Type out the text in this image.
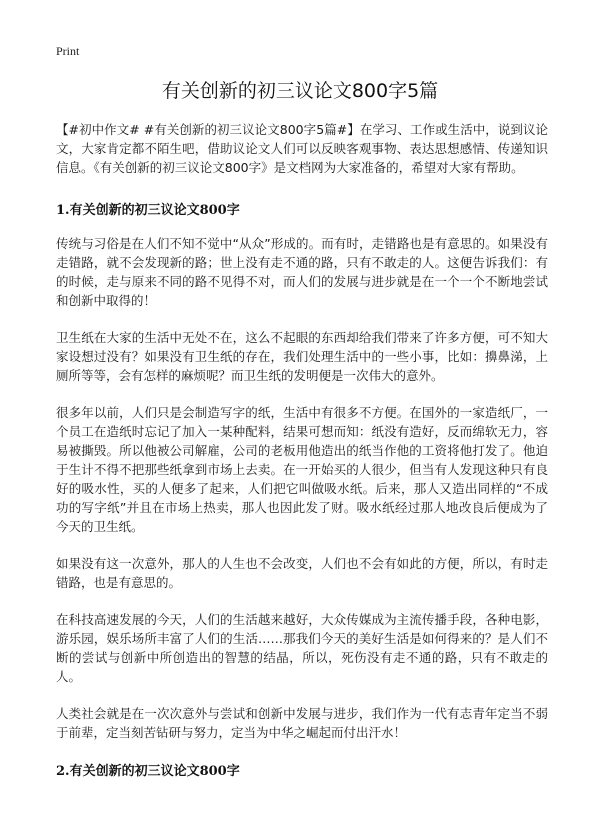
Print
有关创新的初三议论文800字5篇

【#初中作文# #有关创新的初三议论文800字5篇#】在学习、工作或生活中，说到议论文，大家肯定都不陌生吧，借助议论文人们可以反映客观事物、表达思想感情、传递知识信息。《有关创新的初三议论文800字》是文档网为大家准备的，希望对大家有帮助。

1.有关创新的初三议论文800字

传统与习俗是在人们不知不觉中“从众”形成的。而有时，走错路也是有意思的。如果没有走错路，就不会发现新的路；世上没有走不通的路，只有不敢走的人。这便告诉我们：有的时候，走与原来不同的路不见得不对，而人们的发展与进步就是在一个一个不断地尝试和创新中取得的！

卫生纸在大家的生活中无处不在，这么不起眼的东西却给我们带来了许多方便，可不知大家设想过没有？如果没有卫生纸的存在，我们处理生活中的一些小事，比如：擤鼻涕，上厕所等等，会有怎样的麻烦呢？而卫生纸的发明便是一次伟大的意外。

很多年以前，人们只是会制造写字的纸，生活中有很多不方便。在国外的一家造纸厂，一个员工在造纸时忘记了加入一某种配料，结果可想而知：纸没有造好，反而绵软无力，容易被撕毁。所以他被公司解雇，公司的老板用他造出的纸当作他的工资将他打发了。他迫于生计不得不把那些纸拿到市场上去卖。在一开始买的人很少，但当有人发现这种只有良好的吸水性，买的人便多了起来，人们把它叫做吸水纸。后来，那人又造出同样的“不成功的写字纸”并且在市场上热卖，那人也因此发了财。吸水纸经过那人地改良后便成为了今天的卫生纸。

如果没有这一次意外，那人的人生也不会改变，人们也不会有如此的方便，所以，有时走错路，也是有意思的。

在科技高速发展的今天，人们的生活越来越好，大众传媒成为主流传播手段，各种电影，游乐园，娱乐场所丰富了人们的生活……那我们今天的美好生活是如何得来的？是人们不断的尝试与创新中所创造出的智慧的结晶，所以，死伤没有走不通的路，只有不敢走的人。

人类社会就是在一次次意外与尝试和创新中发展与进步，我们作为一代有志青年定当不弱于前辈，定当刻苦钻研与努力，定当为中华之崛起而付出汗水！

2.有关创新的初三议论文800字
